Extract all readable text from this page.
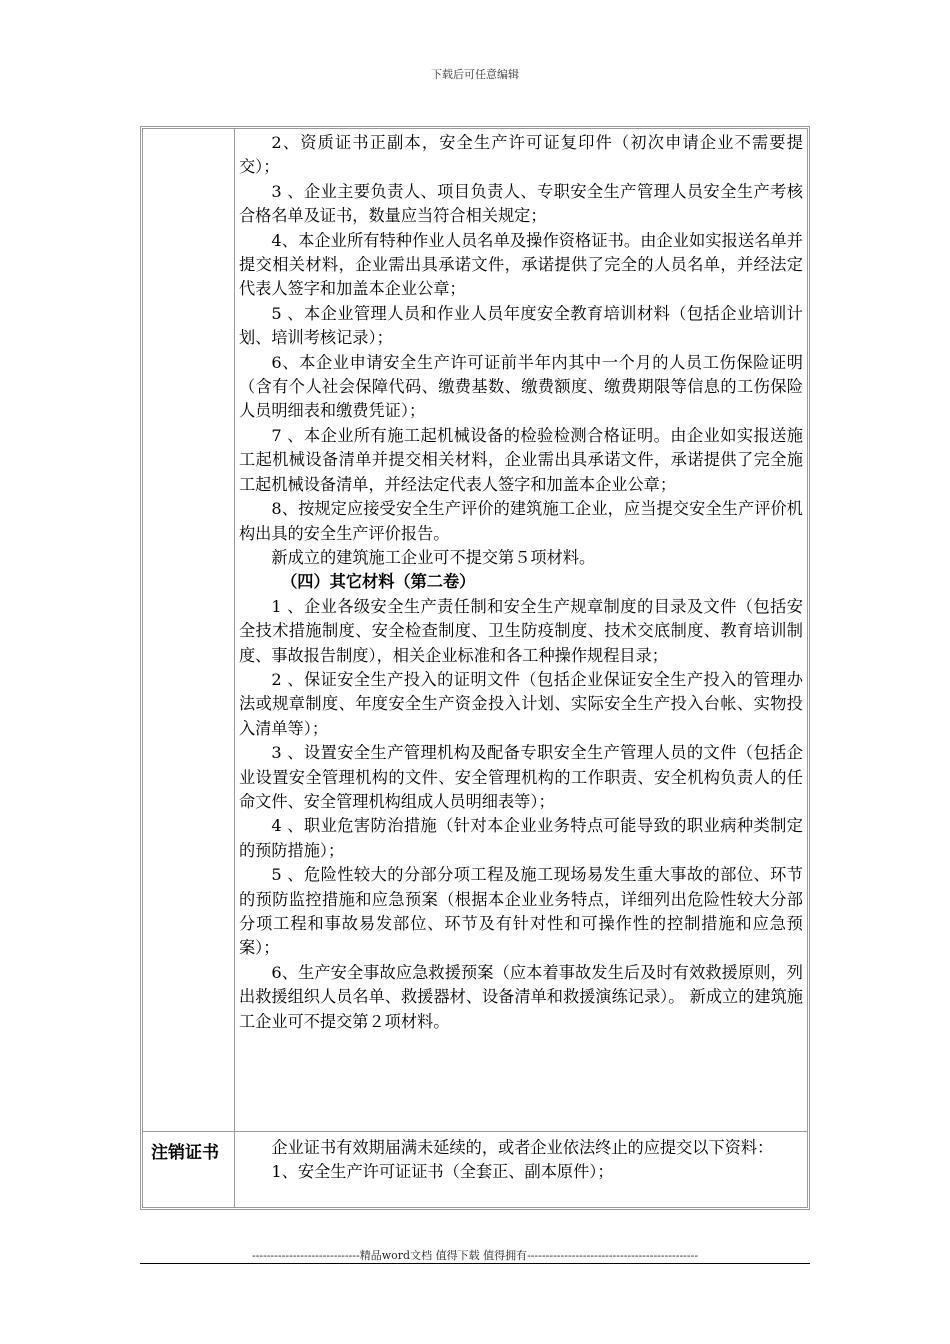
下载后可任意编辑

2、资质证书正副本，安全生产许可证复印件（初次申请企业不需要提交）；

3 、企业主要负责人、项目负责人、专职安全生产管理人员安全生产考核合格名单及证书，数量应当符合相关规定；

4、本企业所有特种作业人员名单及操作资格证书。由企业如实报送名单并提交相关材料，企业需出具承诺文件，承诺提供了完全的人员名单，并经法定代表人签字和加盖本企业公章；

5 、本企业管理人员和作业人员年度安全教育培训材料（包括企业培训计划、培训考核记录）；

6、本企业申请安全生产许可证前半年内其中一个月的人员工伤保险证明（含有个人社会保障代码、缴费基数、缴费额度、缴费期限等信息的工伤保险人员明细表和缴费凭证）；

7 、本企业所有施工起机械设备的检验检测合格证明。由企业如实报送施工起机械设备清单并提交相关材料，企业需出具承诺文件，承诺提供了完全施工起机械设备清单，并经法定代表人签字和加盖本企业公章；

8、按规定应接受安全生产评价的建筑施工企业，应当提交安全生产评价机构出具的安全生产评价报告。

新成立的建筑施工企业可不提交第５项材料。

（四）其它材料（第二卷）

1 、企业各级安全生产责任制和安全生产规章制度的目录及文件（包括安全技术措施制度、安全检查制度、卫生防疫制度、技术交底制度、教育培训制度、事故报告制度），相关企业标准和各工种操作规程目录；

2 、保证安全生产投入的证明文件（包括企业保证安全生产投入的管理办法或规章制度、年度安全生产资金投入计划、实际安全生产投入台帐、实物投入清单等）；

3 、设置安全生产管理机构及配备专职安全生产管理人员的文件（包括企业设置安全管理机构的文件、安全管理机构的工作职责、安全机构负责人的任命文件、安全管理机构组成人员明细表等）；

4 、职业危害防治措施（针对本企业业务特点可能导致的职业病种类制定的预防措施）；

5 、危险性较大的分部分项工程及施工现场易发生重大事故的部位、环节的预防监控措施和应急预案（根据本企业业务特点，详细列出危险性较大分部分项工程和事故易发部位、环节及有针对性和可操作性的控制措施和应急预案）；

6、生产安全事故应急救援预案（应本着事故发生后及时有效救援原则，列出救援组织人员名单、救援器材、设备清单和救援演练记录）。 新成立的建筑施工企业可不提交第２项材料。

注销证书	企业证书有效期届满未延续的，或者企业依法终止的应提交以下资料：

1、安全生产许可证证书（全套正、副本原件）；

-----------------------------精品word文档 值得下载 值得拥有----------------------------------------------
